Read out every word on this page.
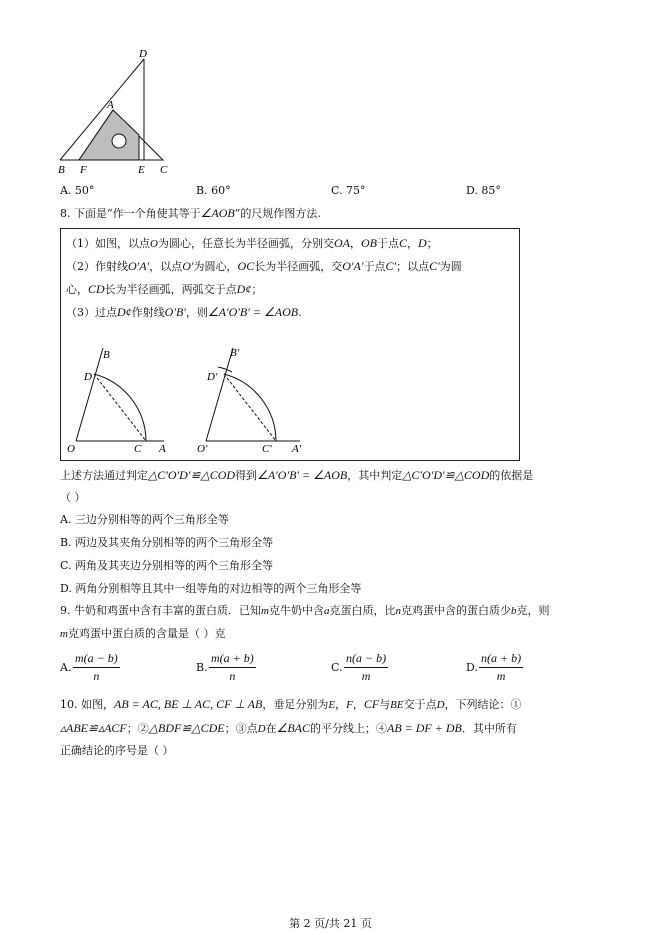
D
A
B F	E C
A. 50°	B. 60°	C. 75°	D. 85°
8. 下面是“作一个角使其等于∠AOB”的尺规作图方法.
（1）如图，以点O为圆心，任意长为半径画弧，分别交OA，OB于点C，D；
（2）作射线O′A′，以点O′为圆心，OC长为半径画弧，交O′A′于点C′；以点C′为圆
心，CD长为半径画弧，两弧交于点D¢；
（3）过点D¢作射线O′B′，则∠A′O′B′ = ∠AOB.
B
D
O	C A
B′
D′
O′	C′ A′
上述方法通过判定△C′O′D′≌△COD得到∠A′O′B′ = ∠AOB，其中判定△C′O′D′≌△COD的依据是
（ ）
A. 三边分别相等的两个三角形全等
B. 两边及其夹角分别相等的两个三角形全等
C. 两角及其夹边分别相等的两个三角形全等
D. 两角分别相等且其中一组等角的对边相等的两个三角形全等
9. 牛奶和鸡蛋中含有丰富的蛋白质．已知m克牛奶中含a克蛋白质，比n克鸡蛋中含的蛋白质少b克，则
m克鸡蛋中蛋白质的含量是（ ）克
A. $\frac{m(a - b)}{n}$	B. $\frac{m(a + b)}{n}$	C. $\frac{n(a - b)}{m}$	D. $\frac{n(a + b)}{m}$
10. 如图，AB = AC, BE ⊥ AC, CF ⊥ AB，垂足分别为E，F，CF与BE交于点D，下列结论：①
▵ABE≌▵ACF；②△BDF≌△CDE；③点D在∠BAC的平分线上；④AB = DF + DB．其中所有
正确结论的序号是（ ）
第 2 页/共 21 页
